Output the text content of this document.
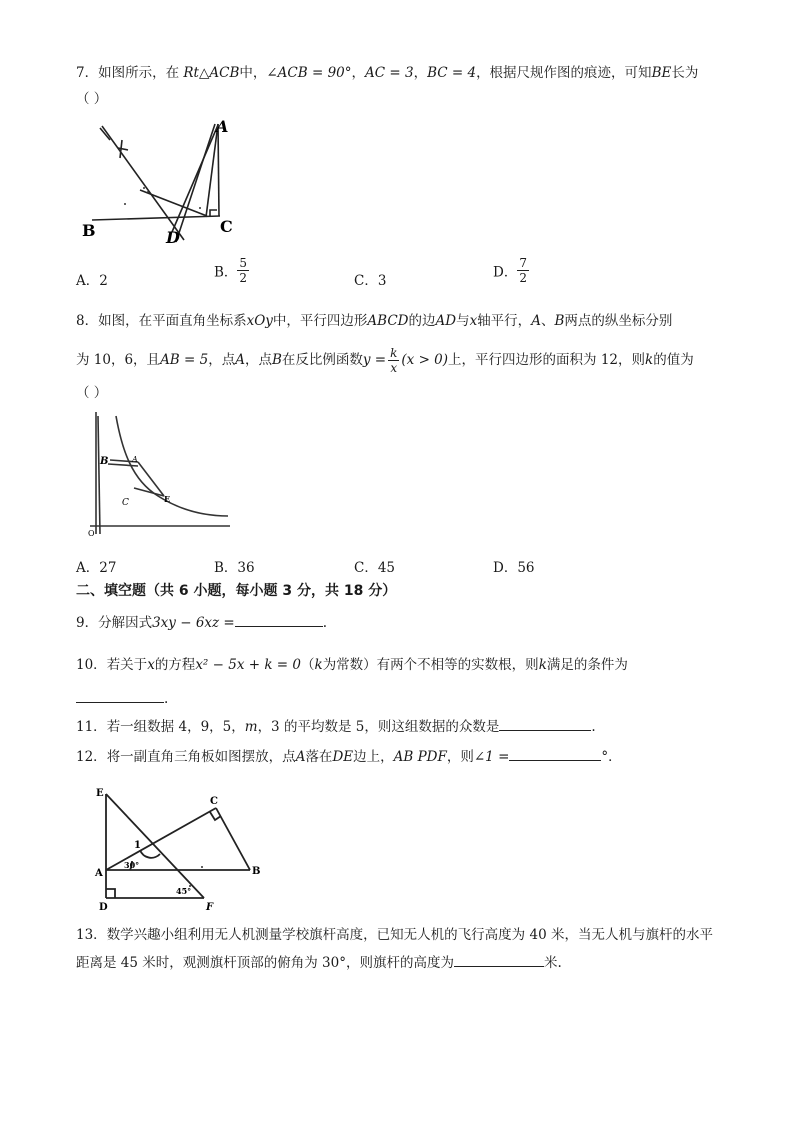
7．如图所示，在 Rt△ACB中，∠ACB = 90°，AC = 3，BC = 4，根据尺规作图的痕迹，可知BE长为
（ ）
A
B	C
D
A．2
B． $\frac{5}{2}$	C．3
D． $\frac{7}{2}$
8．如图，在平面直角坐标系xOy中，平行四边形ABCD的边AD与x轴平行，A、B两点的纵坐标分别
为 10，6，且 AB = 5 ，点 A ，点 B 在反比例函数 $y = \frac{k}{x} (x > 0)$ 上，平行四边形的面积为 12，则 k 的值为
（ ）
B	A
C	E
O
A．27	B．36	C．45	D．56
二、填空题（共 6 小题，每小题 3 分，共 18 分）
9．分解因式3xy − 6xz =	.
10．若关于x的方程x² − 5x + k = 0（k为常数）有两个不相等的实数根，则k满足的条件为
.
11．若一组数据 4，9，5，m，3 的平均数是 5，则这组数据的众数是	.
12．将一副直角三角板如图摆放，点A落在DE边上，AB PDF，则∠1 =	°．
E
C
1
30°
A	B
D
45°
F
13．数学兴趣小组利用无人机测量学校旗杆高度，已知无人机的飞行高度为 40 米，当无人机与旗杆的水平
距离是 45 米时，观测旗杆顶部的俯角为 30°，则旗杆的高度为	米.
